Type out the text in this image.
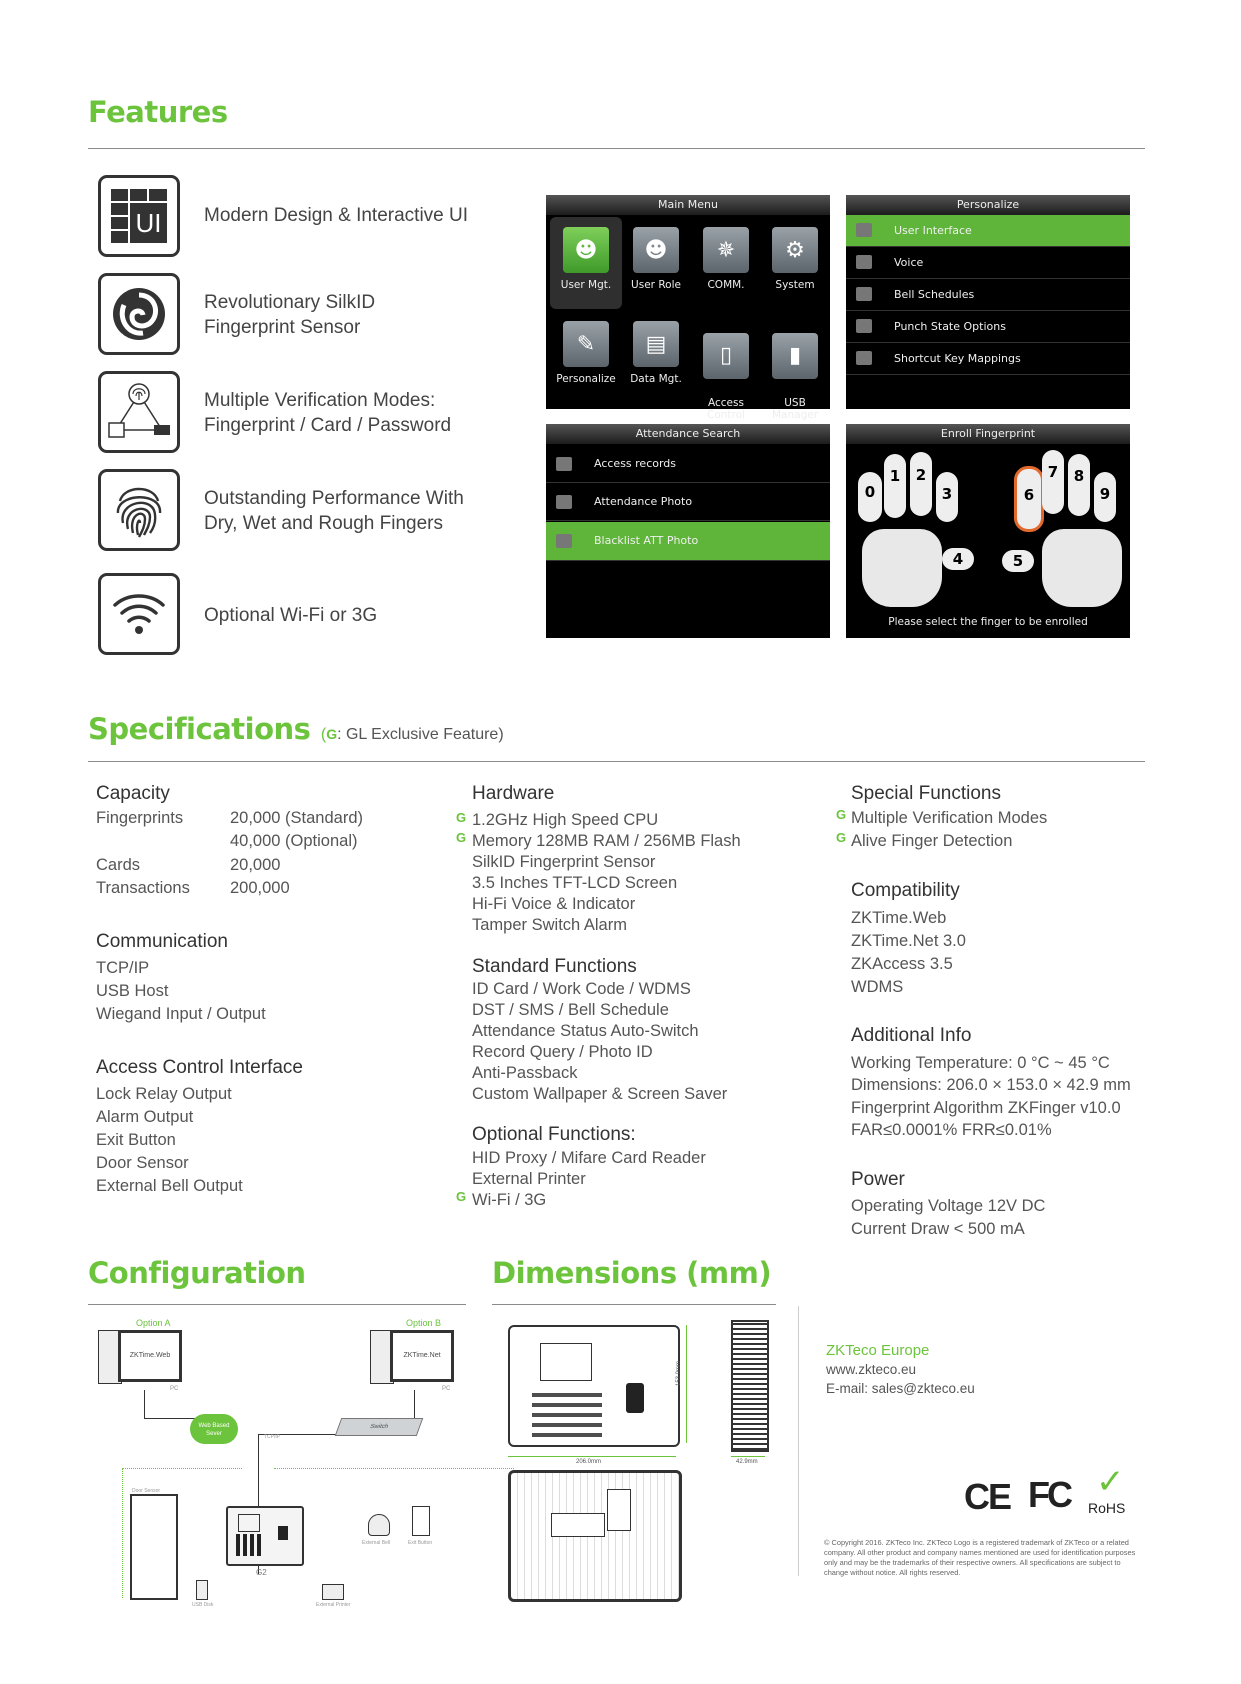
Features
UI Modern Design & Interactive UI
Revolutionary SilkID
Fingerprint Sensor
Multiple Verification Modes:
Fingerprint / Card / Password
Outstanding Performance With
Dry, Wet and Rough Fingers
Optional Wi-Fi or 3G
Main Menu
☻
User Mgt.
☻
User Role
✵
COMM.
⚙
System
✎
Personalize
▤
Data Mgt.

▯

Access
Control

▮

USB
Manager

Personalize
User Interface
Voice
Bell Schedules
Punch State Options
Shortcut Key Mappings
Attendance Search
Access records
Attendance Photo
Blacklist ATT Photo
Enroll Fingerprint
0
1	2
3
4	5
6
7	8
9
Please select the finger to be enrolled
Specifications (G: GL Exclusive Feature)
Capacity
Fingerprints	20,000 (Standard)
40,000 (Optional)
Cards	20,000
Transactions 200,000
Communication
TCP/IP
USB Host
Wiegand Input / Output
Access Control Interface
Lock Relay Output
Alarm Output
Exit Button
Door Sensor
External Bell Output
Hardware
G 1.2GHz High Speed CPU
G Memory 128MB RAM / 256MB Flash
SilkID Fingerprint Sensor
3.5 Inches TFT-LCD Screen
Hi-Fi Voice & Indicator
Tamper Switch Alarm
Standard Functions
ID Card / Work Code / WDMS
DST / SMS / Bell Schedule
Attendance Status Auto-Switch
Record Query / Photo ID
Anti-Passback
Custom Wallpaper & Screen Saver
Optional Functions:
HID Proxy / Mifare Card Reader
External Printer
G Wi-Fi / 3G
Special Functions
G Multiple Verification Modes
G Alive Finger Detection
Compatibility
ZKTime.Web
ZKTime.Net 3.0
ZKAccess 3.5
WDMS
Additional Info
Working Temperature: 0 °C ~ 45 °C
Dimensions: 206.0 × 153.0 × 42.9 mm
Fingerprint Algorithm ZKFinger v10.0
FAR≤0.0001% FRR≤0.01%
Power
Operating Voltage 12V DC
Current Draw < 500 mA
Configuration
Option A
ZKTime.Web
PC
Option B
ZKTime.Net
PC
Web Based Sever
Switch
TCP/IP
Door Sensor
G2
USB Disk
External Bell	Exit Button
External Printer
Dimensions (mm)
206.0mm
153.0mm
42.9mm
ZKTeco Europe
www.zkteco.eu
E-mail: sales@zkteco.eu
CE FC ✓
RoHS
© Copyright 2016. ZKTeco Inc. ZKTeco Logo is a registered trademark of ZKTeco or a related company. All other product and company names mentioned are used for identification purposes only and may be the trademarks of their respective owners. All specifications are subject to change without notice. All rights reserved.
